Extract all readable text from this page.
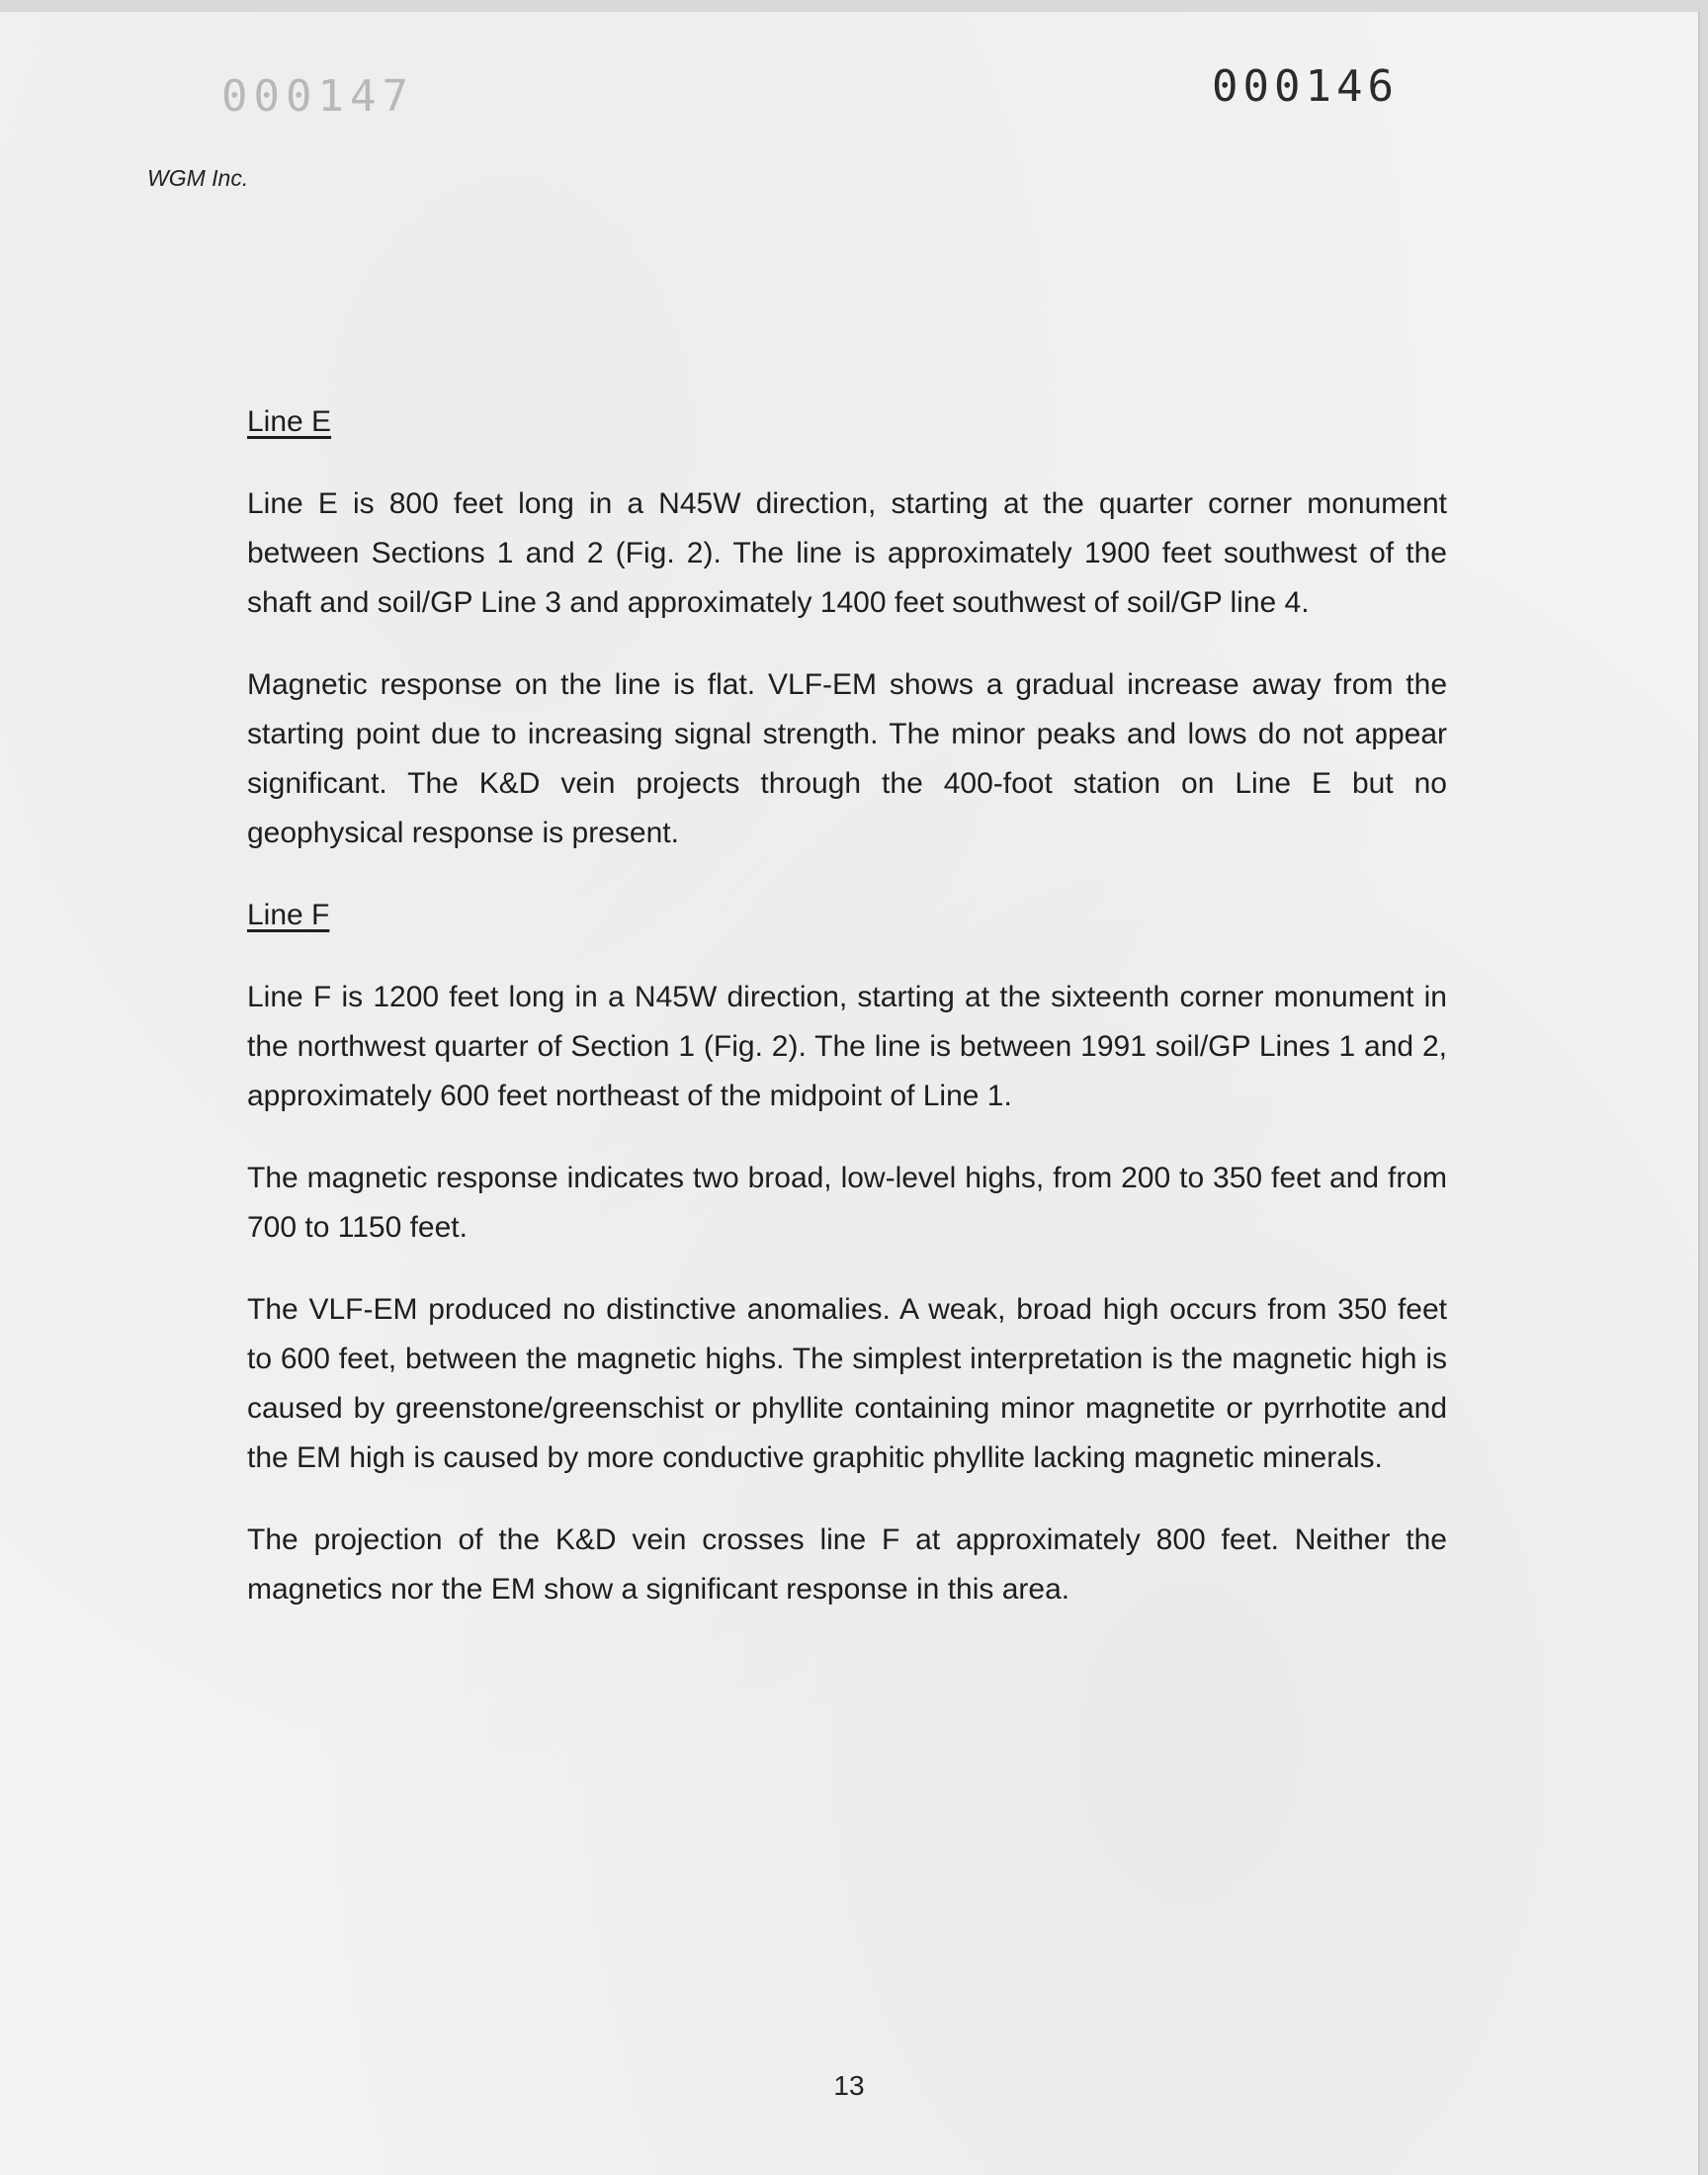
000147	000146
WGM Inc.
Line E

Line E is 800 feet long in a N45W direction, starting at the quarter corner monument between Sections 1 and 2 (Fig. 2). The line is approximately 1900 feet southwest of the shaft and soil/GP Line 3 and approximately 1400 feet southwest of soil/GP line 4.

Magnetic response on the line is flat. VLF-EM shows a gradual increase away from the starting point due to increasing signal strength. The minor peaks and lows do not appear significant. The K&D vein projects through the 400-foot station on Line E but no geophysical response is present.

Line F

Line F is 1200 feet long in a N45W direction, starting at the sixteenth corner monument in the northwest quarter of Section 1 (Fig. 2). The line is between 1991 soil/GP Lines 1 and 2, approximately 600 feet northeast of the midpoint of Line 1.

The magnetic response indicates two broad, low-level highs, from 200 to 350 feet and from 700 to 1150 feet.

The VLF-EM produced no distinctive anomalies. A weak, broad high occurs from 350 feet to 600 feet, between the magnetic highs. The simplest interpretation is the magnetic high is caused by greenstone/greenschist or phyllite containing minor magnetite or pyrrhotite and the EM high is caused by more conductive graphitic phyllite lacking magnetic minerals.

The projection of the K&D vein crosses line F at approximately 800 feet. Neither the magnetics nor the EM show a significant response in this area.

13
